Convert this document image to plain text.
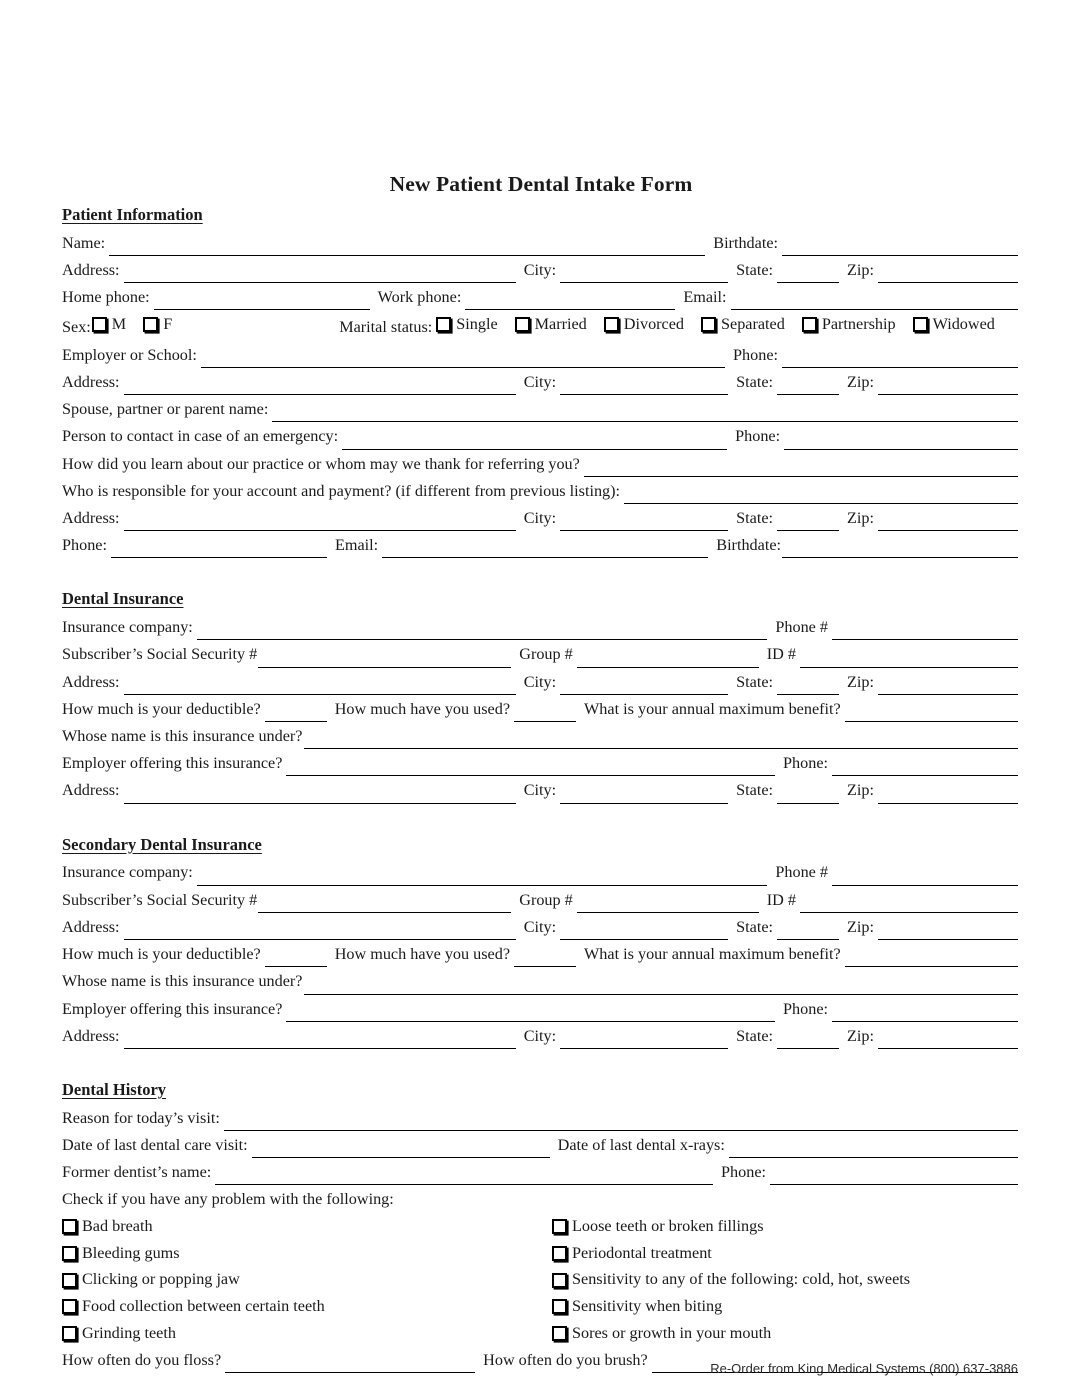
New Patient Dental Intake Form
Patient Information
Name:	Birthdate:
Address:	City:	State:	Zip:
Home phone:	Work phone:	Email:
Sex: M F	Marital status: Single Married Divorced Separated Partnership Widowed
Employer or School:	Phone:
Address:	City:	State:	Zip:
Spouse, partner or parent name:
Person to contact in case of an emergency:	Phone:
How did you learn about our practice or whom may we thank for referring you?
Who is responsible for your account and payment? (if different from previous listing):
Address:	City:	State:	Zip:
Phone:	Email:	Birthdate:
Dental Insurance
Insurance company:	Phone #
Subscriber’s Social Security #	Group #	ID #
Address:	City:	State:	Zip:
How much is your deductible?	How much have you used?	What is your annual maximum benefit?
Whose name is this insurance under?
Employer offering this insurance?	Phone:
Address:	City:	State:	Zip:
Secondary Dental Insurance
Insurance company:	Phone #
Subscriber’s Social Security #	Group #	ID #
Address:	City:	State:	Zip:
How much is your deductible?	How much have you used?	What is your annual maximum benefit?
Whose name is this insurance under?
Employer offering this insurance?	Phone:
Address:	City:	State:	Zip:
Dental History
Reason for today’s visit:
Date of last dental care visit:	Date of last dental x-rays:
Former dentist’s name:	Phone:
Check if you have any problem with the following:
Bad breath
Bleeding gums
Clicking or popping jaw
Food collection between certain teeth
Grinding teeth
Loose teeth or broken fillings
Periodontal treatment
Sensitivity to any of the following: cold, hot, sweets
Sensitivity when biting
Sores or growth in your mouth
How often do you floss?	How often do you brush?	Re-Order from King Medical Systems (800) 637-3886
